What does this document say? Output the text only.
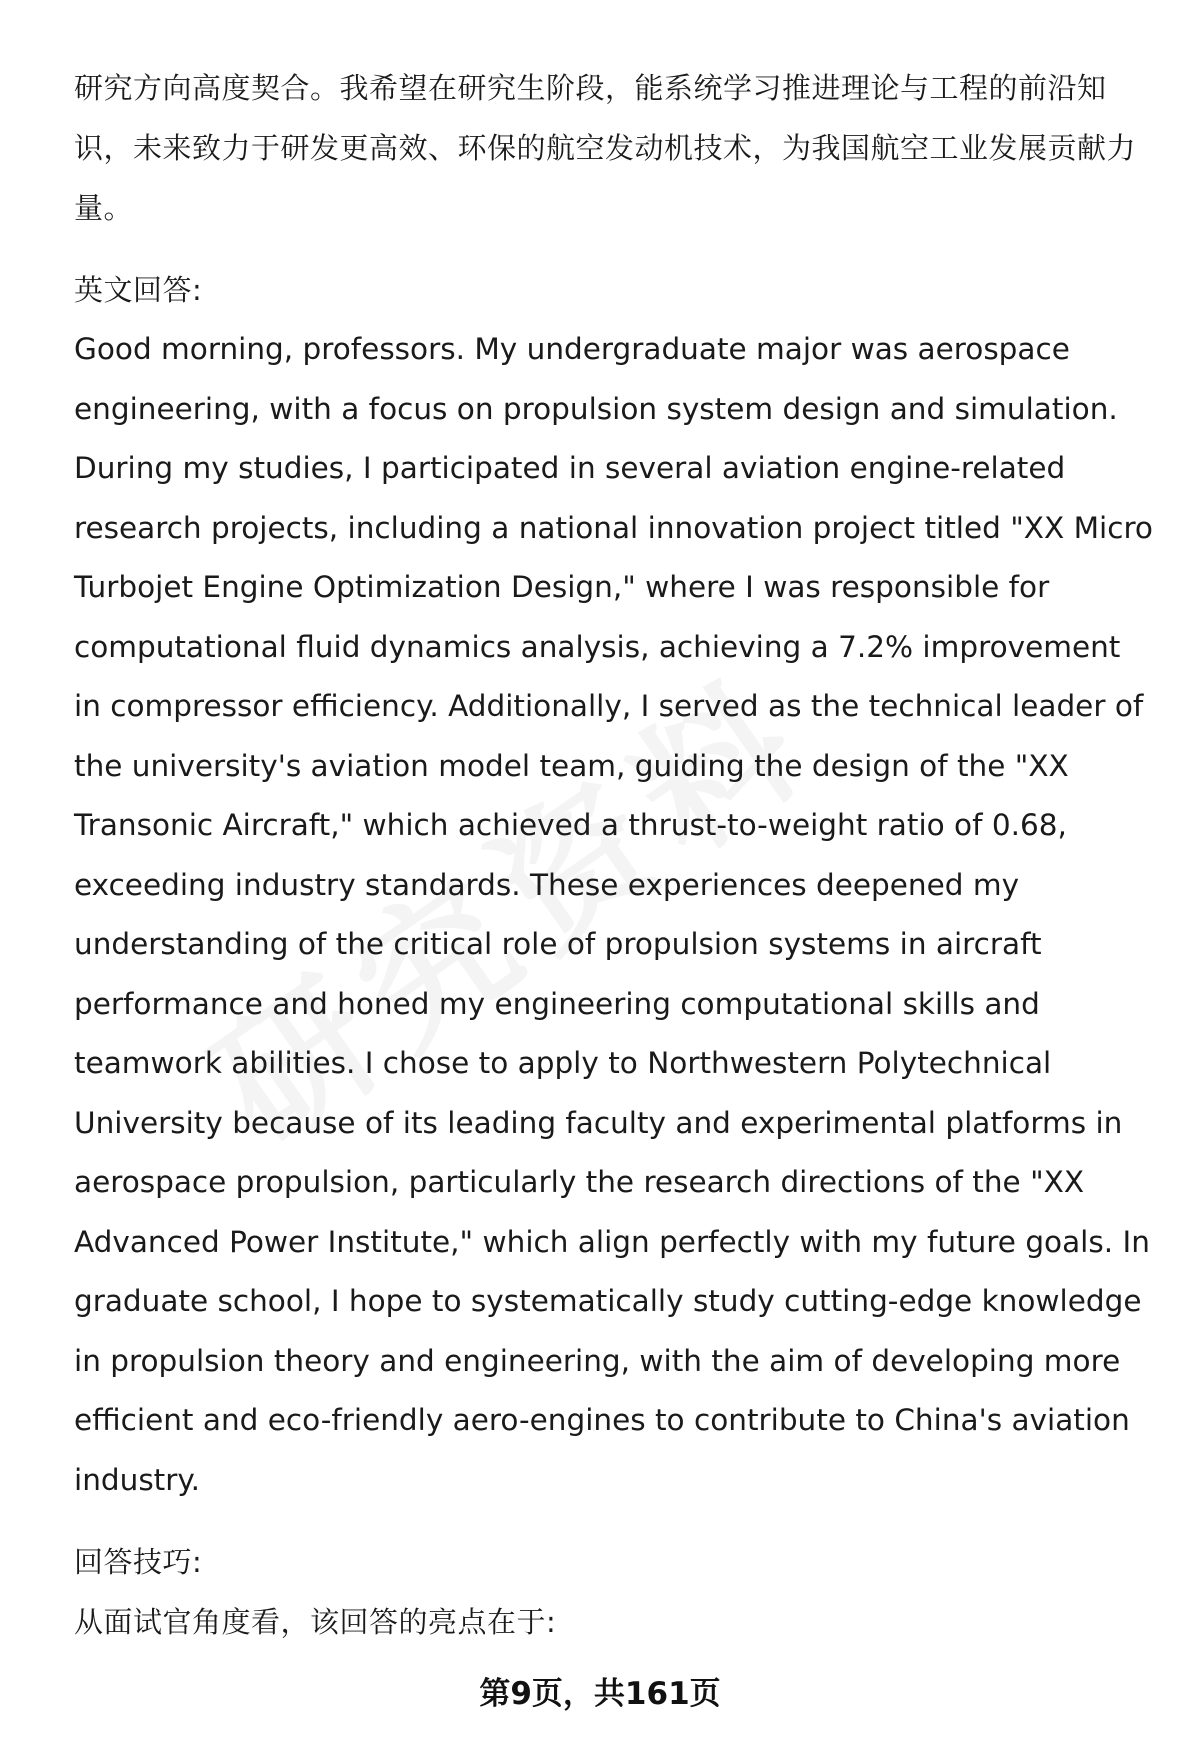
研究方向高度契合。我希望在研究生阶段，能系统学习推进理论与工程的前沿知识，未来致力于研发更高效、环保的航空发动机技术，为我国航空工业发展贡献力量。

英文回答:

Good morning, professors. My undergraduate major was aerospace engineering, with a focus on propulsion system design and simulation. During my studies, I participated in several aviation engine-related research projects, including a national innovation project titled "XX Micro Turbojet Engine Optimization Design," where I was responsible for computational fluid dynamics analysis, achieving a 7.2% improvement in compressor efficiency. Additionally, I served as the technical leader of the university's aviation model team, guiding the design of the "XX Transonic Aircraft," which achieved a thrust-to-weight ratio of 0.68, exceeding industry standards. These experiences deepened my understanding of the critical role of propulsion systems in aircraft performance and honed my engineering computational skills and teamwork abilities. I chose to apply to Northwestern Polytechnical University because of its leading faculty and experimental platforms in aerospace propulsion, particularly the research directions of the "XX Advanced Power Institute," which align perfectly with my future goals. In graduate school, I hope to systematically study cutting-edge knowledge in propulsion theory and engineering, with the aim of developing more efficient and eco-friendly aero-engines to contribute to China's aviation industry.

回答技巧:

从面试官角度看，该回答的亮点在于:

第9页，共161页
